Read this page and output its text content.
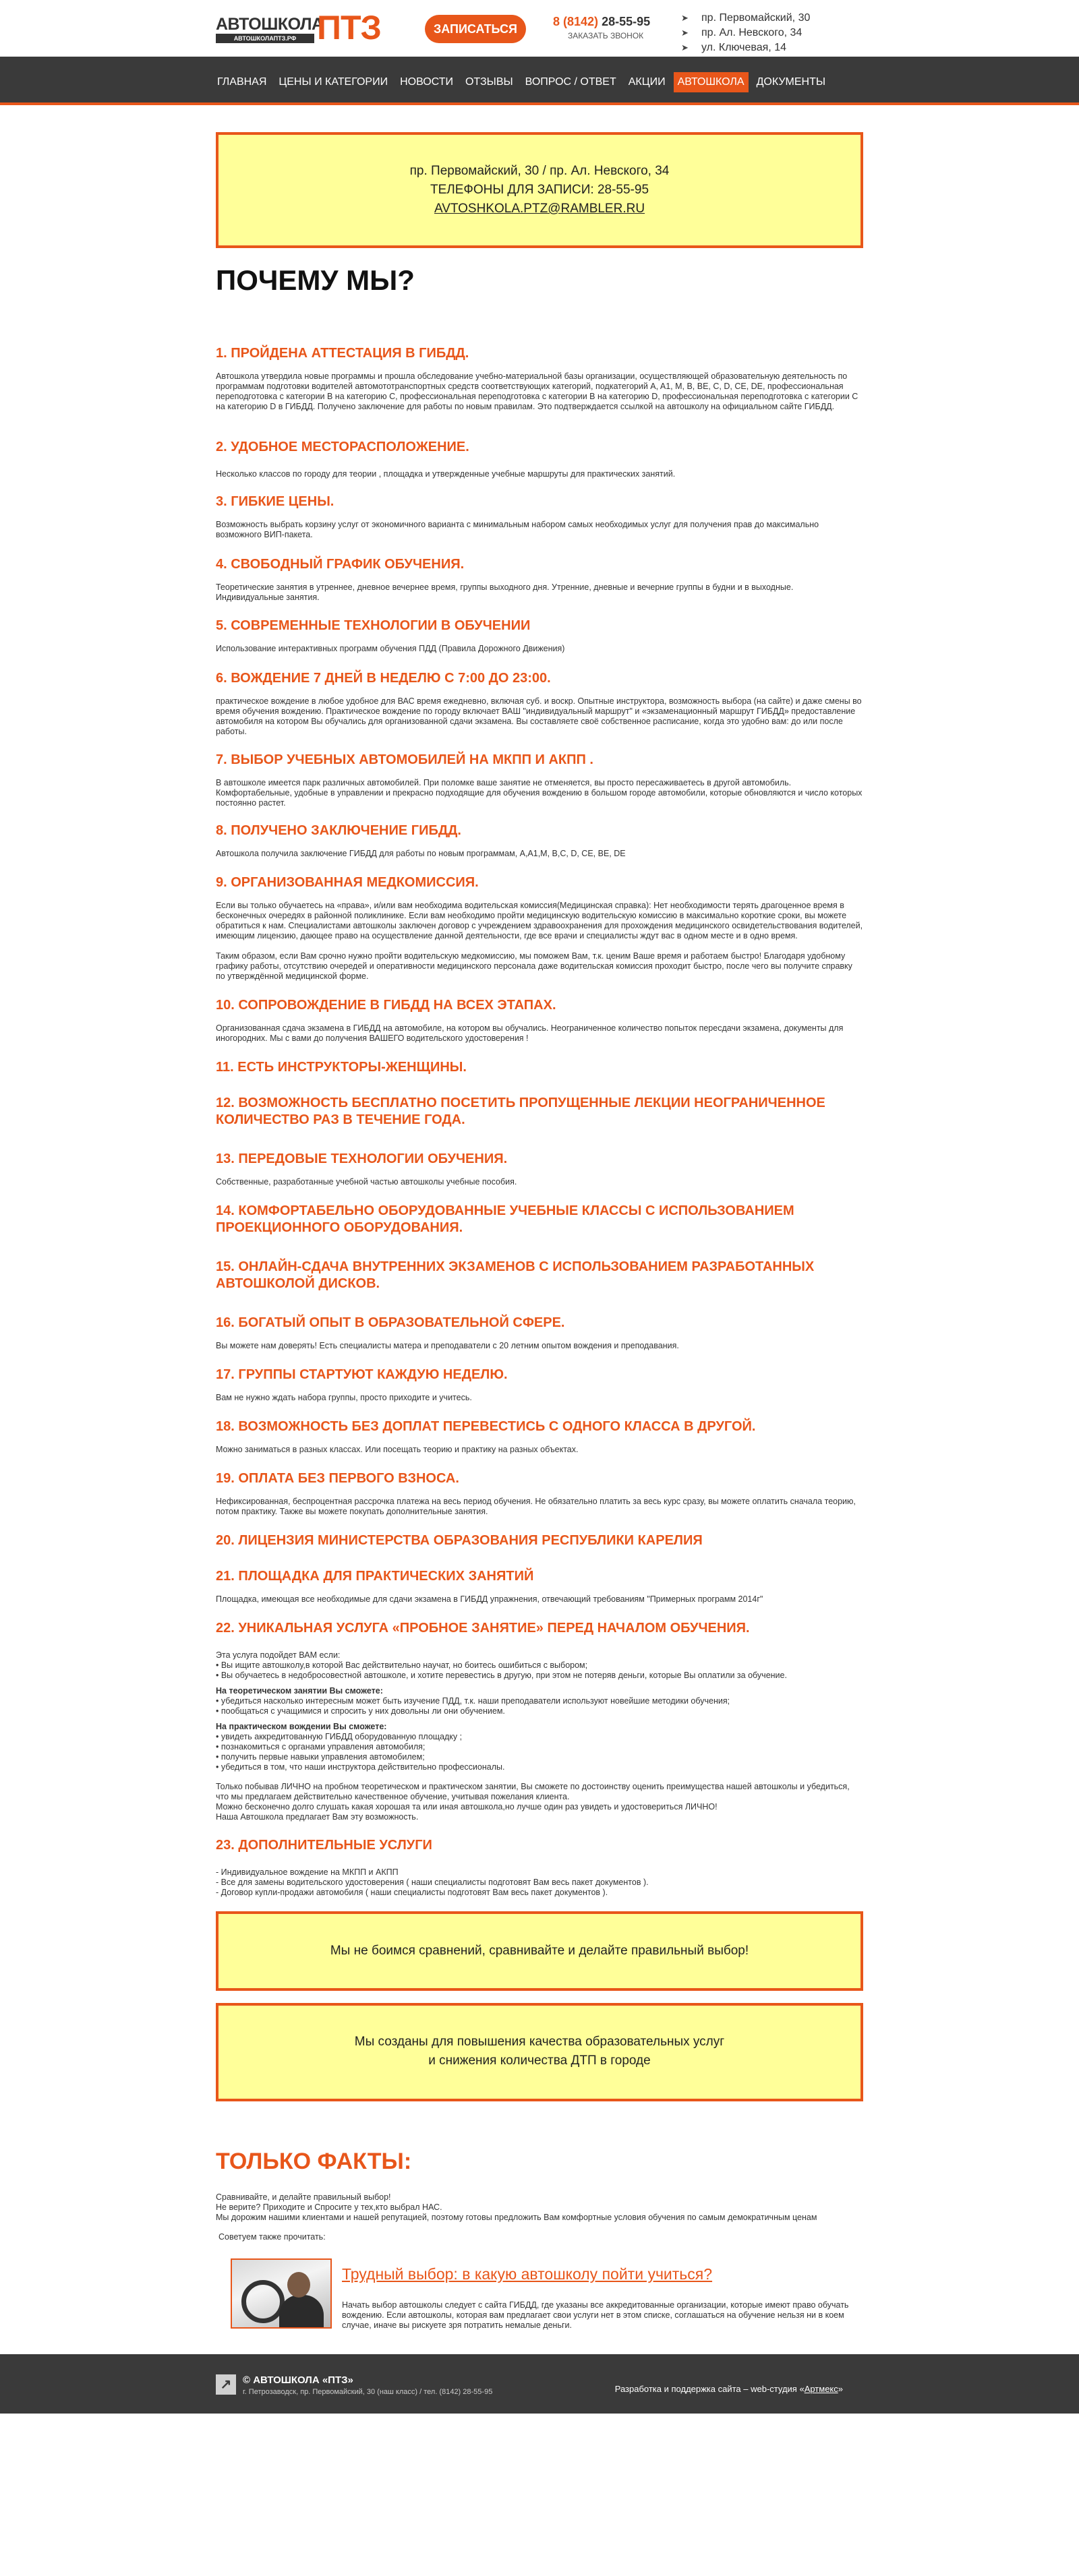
АВТОШКОЛА
АВТОШКОЛАПТЗ.РФ ПТЗ	ЗАПИСАТЬСЯ
8 (8142) 28-55-95
ЗАКАЗАТЬ ЗВОНОК
➤ пр. Первомайский, 30
➤ пр. Ал. Невского, 34
➤ ул. Ключевая, 14
ГЛАВНАЯ	ЦЕНЫ И КАТЕГОРИИ	НОВОСТИ	ОТЗЫВЫ	ВОПРОС / ОТВЕТ	АКЦИИ	АВТОШКОЛА	ДОКУМЕНТЫ
пр. Первомайский, 30 / пр. Ал. Невского, 34
ТЕЛЕФОНЫ ДЛЯ ЗАПИСИ: 28-55-95
AVTOSHKOLA.PTZ@RAMBLER.RU
ПОЧЕМУ МЫ?
1. ПРОЙДЕНА АТТЕСТАЦИЯ В ГИБДД.

Автошкола утвердила новые программы и прошла обследование учебно-материальной базы организации, осуществляющей образовательную деятельность по программам подготовки водителей автомототранспортных средств соответствующих категорий, подкатегорий A, A1, M, B, BE, C, D, CE, DE, профессиональная переподготовка с категории B на категорию C, профессиональная переподготовка с категории B на категорию D, профессиональная переподготовка с категории C на категорию D в ГИБДД. Получено заключение для работы по новым правилам. Это подтверждается ссылкой на автошколу на официальном сайте ГИБДД.

2. УДОБНОЕ МЕСТОРАСПОЛОЖЕНИЕ.

Несколько классов по городу для теории , площадка и утвержденные учебные маршруты для практических занятий.

3. ГИБКИЕ ЦЕНЫ.

Возможность выбрать корзину услуг от экономичного варианта с минимальным набором самых необходимых услуг для получения прав до максимально возможного ВИП-пакета.

4. СВОБОДНЫЙ ГРАФИК ОБУЧЕНИЯ.

Теоретические занятия в утреннее, дневное вечернее время, группы выходного дня. Утренние, дневные и вечерние группы в будни и в выходные. Индивидуальные занятия.

5. СОВРЕМЕННЫЕ ТЕХНОЛОГИИ В ОБУЧЕНИИ

Использование интерактивных программ обучения ПДД (Правила Дорожного Движения)

6. ВОЖДЕНИЕ 7 ДНЕЙ В НЕДЕЛЮ С 7:00 ДО 23:00.

практическое вождение в любое удобное для ВАС время ежедневно, включая суб. и воскр. Опытные инструктора, возможность выбора (на сайте) и даже смены во время обучения вождению. Практическое вождение по городу включает ВАШ "индивидуальный маршрут" и «экзаменационный маршрут ГИБДД» предоставление автомобиля на котором Вы обучались для организованной сдачи экзамена. Вы составляете своё собственное расписание, когда это удобно вам: до или после работы.

7. ВЫБОР УЧЕБНЫХ АВТОМОБИЛЕЙ НА МКПП И АКПП .

В автошколе имеется парк различных автомобилей. При поломке ваше занятие не отменяется, вы просто пересаживаетесь в другой автомобиль. Комфортабельные, удобные в управлении и прекрасно подходящие для обучения вождению в большом городе автомобили, которые обновляются и число которых постоянно растет.

8. ПОЛУЧЕНО ЗАКЛЮЧЕНИЕ ГИБДД.

Автошкола получила заключение ГИБДД для работы по новым программам, A,A1,M, B,C, D, CE, BE, DE

9. ОРГАНИЗОВАННАЯ МЕДКОМИССИЯ.

Если вы только обучаетесь на «права», и/или вам необходима водительская комиссия(Медицинская справка): Нет необходимости терять драгоценное время в бесконечных очередях в районной поликлинике. Если вам необходимо пройти медицинскую водительскую комиссию в максимально короткие сроки, вы можете обратиться к нам. Специалистами автошколы заключен договор с учреждением здравоохранения для прохождения медицинского освидетельствования водителей, имеющим лицензию, дающее право на осуществление данной деятельности, где все врачи и специалисты ждут вас в одном месте и в одно время.

Таким образом, если Вам срочно нужно пройти водительскую медкомиссию, мы поможем Вам, т.к. ценим Ваше время и работаем быстро! Благодаря удобному графику работы, отсутствию очередей и оперативности медицинского персонала даже водительская комиссия проходит быстро, после чего вы получите справку по утверждённой медицинской форме.

10. СОПРОВОЖДЕНИЕ В ГИБДД НА ВСЕХ ЭТАПАХ.

Организованная сдача экзамена в ГИБДД на автомобиле, на котором вы обучались. Неограниченное количество попыток пересдачи экзамена, документы для иногородних. Мы с вами до получения ВАШЕГО водительского удостоверения !

11. ЕСТЬ ИНСТРУКТОРЫ-ЖЕНЩИНЫ.
12. ВОЗМОЖНОСТЬ БЕСПЛАТНО ПОСЕТИТЬ ПРОПУЩЕННЫЕ ЛЕКЦИИ НЕОГРАНИЧЕННОЕ КОЛИЧЕСТВО РАЗ В ТЕЧЕНИЕ ГОДА.
13. ПЕРЕДОВЫЕ ТЕХНОЛОГИИ ОБУЧЕНИЯ.

Собственные, разработанные учебной частью автошколы учебные пособия.

14. КОМФОРТАБЕЛЬНО ОБОРУДОВАННЫЕ УЧЕБНЫЕ КЛАССЫ С ИСПОЛЬЗОВАНИЕМ ПРОЕКЦИОННОГО ОБОРУДОВАНИЯ.
15. ОНЛАЙН-СДАЧА ВНУТРЕННИХ ЭКЗАМЕНОВ С ИСПОЛЬЗОВАНИЕМ РАЗРАБОТАННЫХ АВТОШКОЛОЙ ДИСКОВ.
16. БОГАТЫЙ ОПЫТ В ОБРАЗОВАТЕЛЬНОЙ СФЕРЕ.

Вы можете нам доверять! Есть специалисты матера и преподаватели с 20 летним опытом вождения и преподавания.

17. ГРУППЫ СТАРТУЮТ КАЖДУЮ НЕДЕЛЮ.

Вам не нужно ждать набора группы, просто приходите и учитесь.

18. ВОЗМОЖНОСТЬ БЕЗ ДОПЛАТ ПЕРЕВЕСТИСЬ С ОДНОГО КЛАССА В ДРУГОЙ.

Можно заниматься в разных классах. Или посещать теорию и практику на разных объектах.

19. ОПЛАТА БЕЗ ПЕРВОГО ВЗНОСА.

Нефиксированная, беспроцентная рассрочка платежа на весь период обучения. Не обязательно платить за весь курс сразу, вы можете оплатить сначала теорию, потом практику. Также вы можете покупать дополнительные занятия.

20. ЛИЦЕНЗИЯ МИНИСТЕРСТВА ОБРАЗОВАНИЯ РЕСПУБЛИКИ КАРЕЛИЯ
21. ПЛОЩАДКА ДЛЯ ПРАКТИЧЕСКИХ ЗАНЯТИЙ

Площадка, имеющая все необходимые для сдачи экзамена в ГИБДД упражнения, отвечающий требованиям "Примерных программ 2014г"

22. УНИКАЛЬНАЯ УСЛУГА «ПРОБНОЕ ЗАНЯТИЕ» ПЕРЕД НАЧАЛОМ ОБУЧЕНИЯ.

Эта услуга подойдет ВАМ если:

• Вы ищите автошколу,в которой Вас действительно научат, но боитесь ошибиться с выбором;

• Вы обучаетесь в недобросовестной автошколе, и хотите перевестись в другую, при этом не потеряв деньги, которые Вы оплатили за обучение.

На теоретическом занятии Вы сможете:

• убедиться насколько интересным может быть изучение ПДД, т.к. наши преподаватели используют новейшие методики обучения;

• пообщаться с учащимися и спросить у них довольны ли они обучением.

На практическом вождении Вы сможете:

• увидеть аккредитованную ГИБДД оборудованную площадку ;

• познакомиться с органами управления автомобиля;

• получить первые навыки управления автомобилем;

• убедиться в том, что наши инструктора действительно профессионалы.

Только побывав ЛИЧНО на пробном теоретическом и практическом занятии, Вы сможете по достоинству оценить преимущества нашей автошколы и убедиться, что мы предлагаем действительно качественное обучение, учитывая пожелания клиента.

Можно бесконечно долго слушать какая хорошая та или иная автошкола,но лучше один раз увидеть и удостовериться ЛИЧНО!

Наша Автошкола предлагает Вам эту возможность.

23. ДОПОЛНИТЕЛЬНЫЕ УСЛУГИ

- Индивидуальное вождение на МКПП и АКПП

- Все для замены водительского удостоверения ( наши специалисты подготовят Вам весь пакет документов ).

- Договор купли-продажи автомобиля ( наши специалисты подготовят Вам весь пакет документов ).

Мы не боимся сравнений, сравнивайте и делайте правильный выбор!
Мы созданы для повышения качества образовательных услуг
и снижения количества ДТП в городе
ТОЛЬКО ФАКТЫ:

Сравнивайте, и делайте правильный выбор!

Не верите? Приходите и Спросите у тех,кто выбрал НАС.

Мы дорожим нашими клиентами и нашей репутацией, поэтому готовы предложить Вам комфортные условия обучения по самым демократичным ценам

Советуем также прочитать:

Трудный выбор: в какую автошколу пойти учиться?
Начать выбор автошколы следует с сайта ГИБДД, где указаны все аккредитованные организации, которые имеют право обучать вождению. Если автошколы, которая вам предлагает свои услуги нет в этом списке, соглашаться на обучение нельзя ни в коем случае, иначе вы рискуете зря потратить немалые деньги.
↗	© АВТОШКОЛА «ПТЗ»
г. Петрозаводск, пр. Первомайский, 30 (наш класс) / тел. (8142) 28-55-95	Разработка и поддержка сайта – web-студия «Артмекс»
